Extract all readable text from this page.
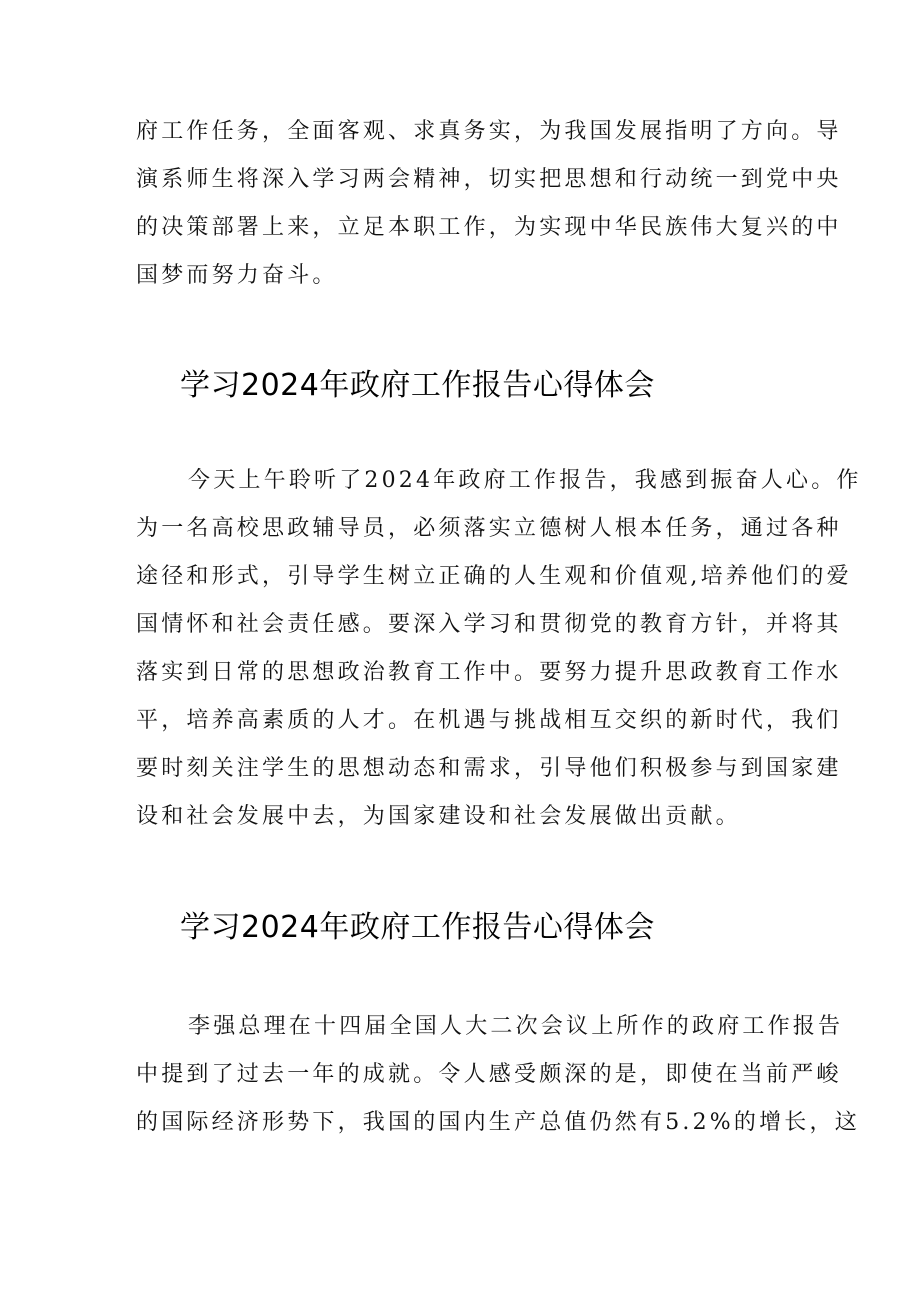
府工作任务，全面客观、求真务实，为我国发展指明了方向。导
演系师生将深入学习两会精神，切实把思想和行动统一到党中央
的决策部署上来，立足本职工作，为实现中华民族伟大复兴的中
国梦而努力奋斗。
学习2024年政府工作报告心得体会
今天上午聆听了2024年政府工作报告，我感到振奋人心。作
为一名高校思政辅导员，必须落实立德树人根本任务，通过各种
途径和形式，引导学生树立正确的人生观和价值观,培养他们的爱
国情怀和社会责任感。要深入学习和贯彻党的教育方针，并将其
落实到日常的思想政治教育工作中。要努力提升思政教育工作水
平，培养高素质的人才。在机遇与挑战相互交织的新时代，我们
要时刻关注学生的思想动态和需求，引导他们积极参与到国家建
设和社会发展中去，为国家建设和社会发展做出贡献。
学习2024年政府工作报告心得体会
李强总理在十四届全国人大二次会议上所作的政府工作报告
中提到了过去一年的成就。令人感受颇深的是，即使在当前严峻
的国际经济形势下，我国的国内生产总值仍然有5.2%的增长，这
